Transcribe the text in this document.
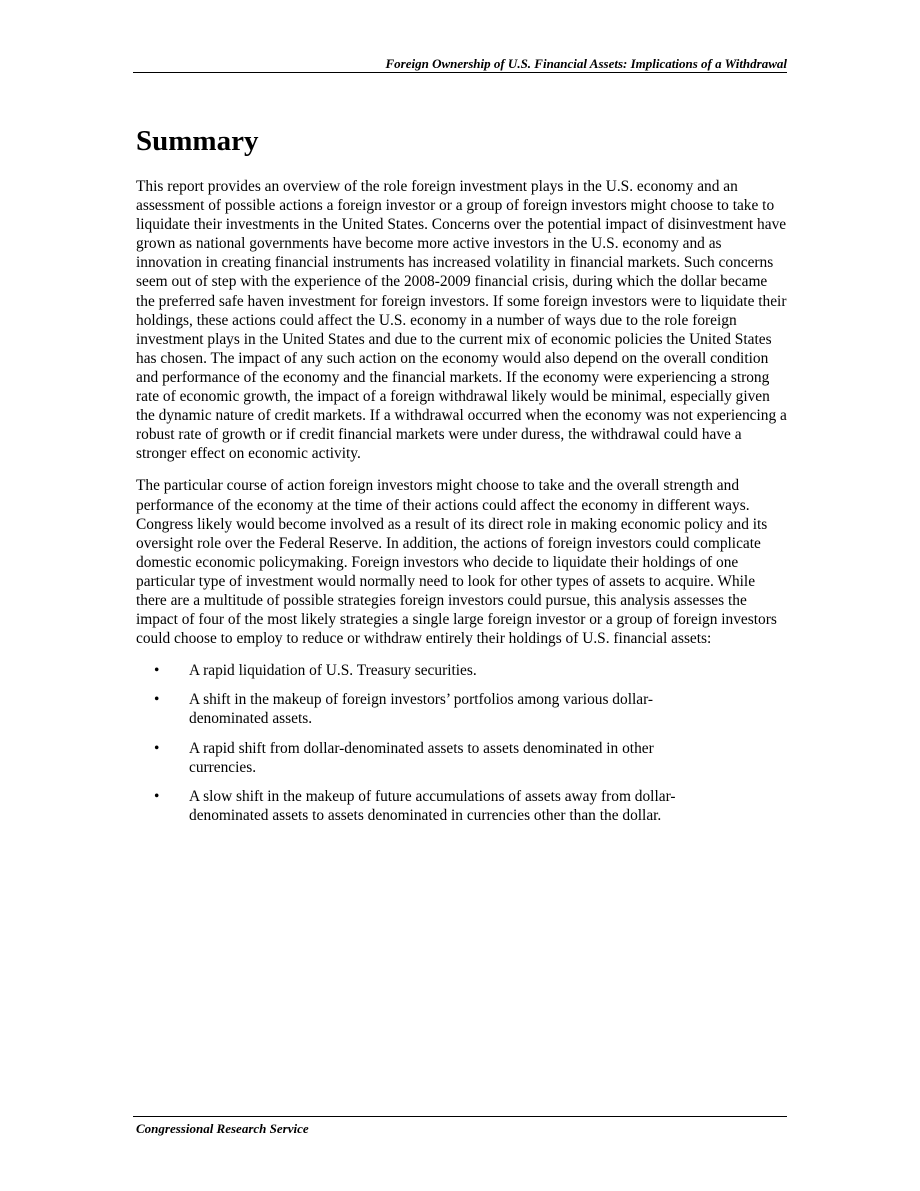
Foreign Ownership of U.S. Financial Assets: Implications of a Withdrawal
Summary

This report provides an overview of the role foreign investment plays in the U.S. economy and an assessment of possible actions a foreign investor or a group of foreign investors might choose to take to liquidate their investments in the United States. Concerns over the potential impact of disinvestment have grown as national governments have become more active investors in the U.S. economy and as innovation in creating financial instruments has increased volatility in financial markets. Such concerns seem out of step with the experience of the 2008-2009 financial crisis, during which the dollar became the preferred safe haven investment for foreign investors. If some foreign investors were to liquidate their holdings, these actions could affect the U.S. economy in a number of ways due to the role foreign investment plays in the United States and due to the current mix of economic policies the United States has chosen. The impact of any such action on the economy would also depend on the overall condition and performance of the economy and the financial markets. If the economy were experiencing a strong rate of economic growth, the impact of a foreign withdrawal likely would be minimal, especially given the dynamic nature of credit markets. If a withdrawal occurred when the economy was not experiencing a robust rate of growth or if credit financial markets were under duress, the withdrawal could have a stronger effect on economic activity.

The particular course of action foreign investors might choose to take and the overall strength and performance of the economy at the time of their actions could affect the economy in different ways. Congress likely would become involved as a result of its direct role in making economic policy and its oversight role over the Federal Reserve. In addition, the actions of foreign investors could complicate domestic economic policymaking. Foreign investors who decide to liquidate their holdings of one particular type of investment would normally need to look for other types of assets to acquire. While there are a multitude of possible strategies foreign investors could pursue, this analysis assesses the impact of four of the most likely strategies a single large foreign investor or a group of foreign investors could choose to employ to reduce or withdraw entirely their holdings of U.S. financial assets:

• A rapid liquidation of U.S. Treasury securities.
• A shift in the makeup of foreign investors’ portfolios among various dollar-denominated assets.
• A rapid shift from dollar-denominated assets to assets denominated in other currencies.
• A slow shift in the makeup of future accumulations of assets away from dollar-denominated assets to assets denominated in currencies other than the dollar.
Congressional Research Service
